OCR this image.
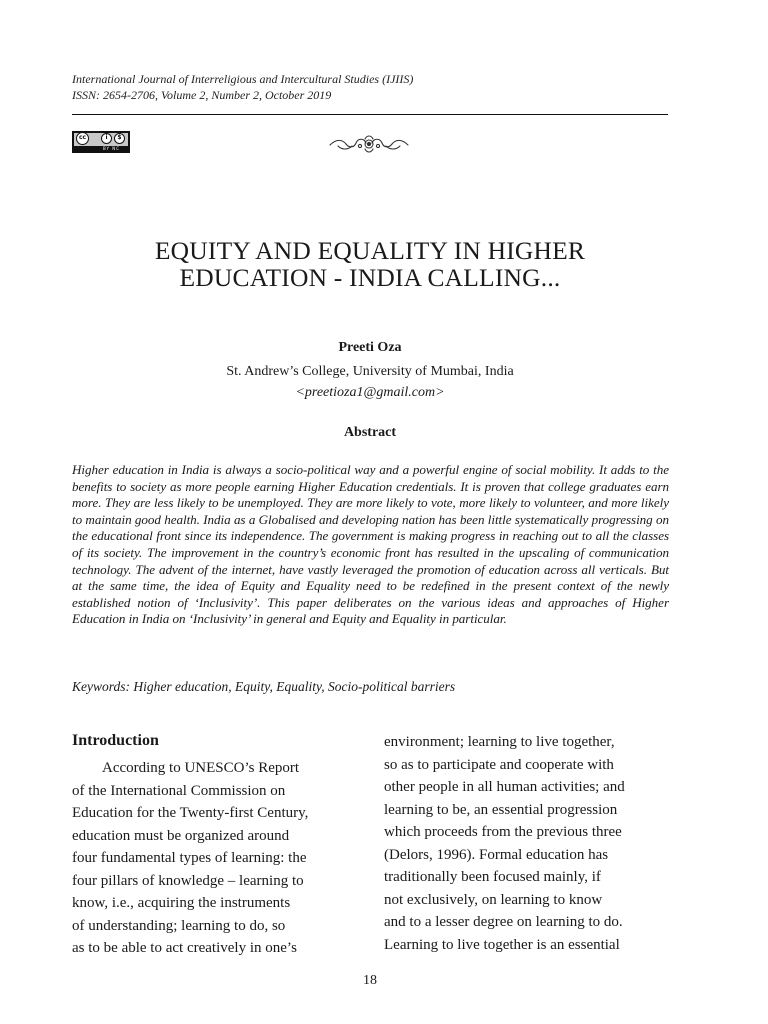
International Journal of Interreligious and Intercultural Studies (IJIIS)
ISSN: 2654-2706, Volume 2, Number 2, October 2019
cc	i	$
BY NC
EQUITY AND EQUALITY IN HIGHER
EDUCATION - INDIA CALLING...
Preeti Oza
St. Andrew’s College, University of Mumbai, India
<preetioza1@gmail.com>
Abstract
Higher education in India is always a socio-political way and a powerful engine of social mobility. It adds to the benefits to society as more people earning Higher Education credentials. It is proven that college graduates earn more. They are less likely to be unemployed. They are more likely to vote, more likely to volunteer, and more likely to maintain good health. India as a Globalised and developing nation has been little systematically progressing on the educational front since its independence. The government is making progress in reaching out to all the classes of its society. The improvement in the country’s economic front has resulted in the upscaling of communication technology. The advent of the internet, have vastly leveraged the promotion of education across all verticals. But at the same time, the idea of Equity and Equality need to be redefined in the present context of the newly established notion of ‘Inclusivity’. This paper deliberates on the various ideas and approaches of Higher Education in India on ‘Inclusivity’ in general and Equity and Equality in particular.
Keywords: Higher education, Equity, Equality, Socio-political barriers
Introduction
According to UNESCO’s Report
of the International Commission on
Education for the Twenty-first Century,
education must be organized around
four fundamental types of learning: the
four pillars of knowledge – learning to
know, i.e., acquiring the instruments
of understanding; learning to do, so
as to be able to act creatively in one’s
environment; learning to live together,
so as to participate and cooperate with
other people in all human activities; and
learning to be, an essential progression
which proceeds from the previous three
(Delors, 1996). Formal education has
traditionally been focused mainly, if
not exclusively, on learning to know
and to a lesser degree on learning to do.
Learning to live together is an essential
18
